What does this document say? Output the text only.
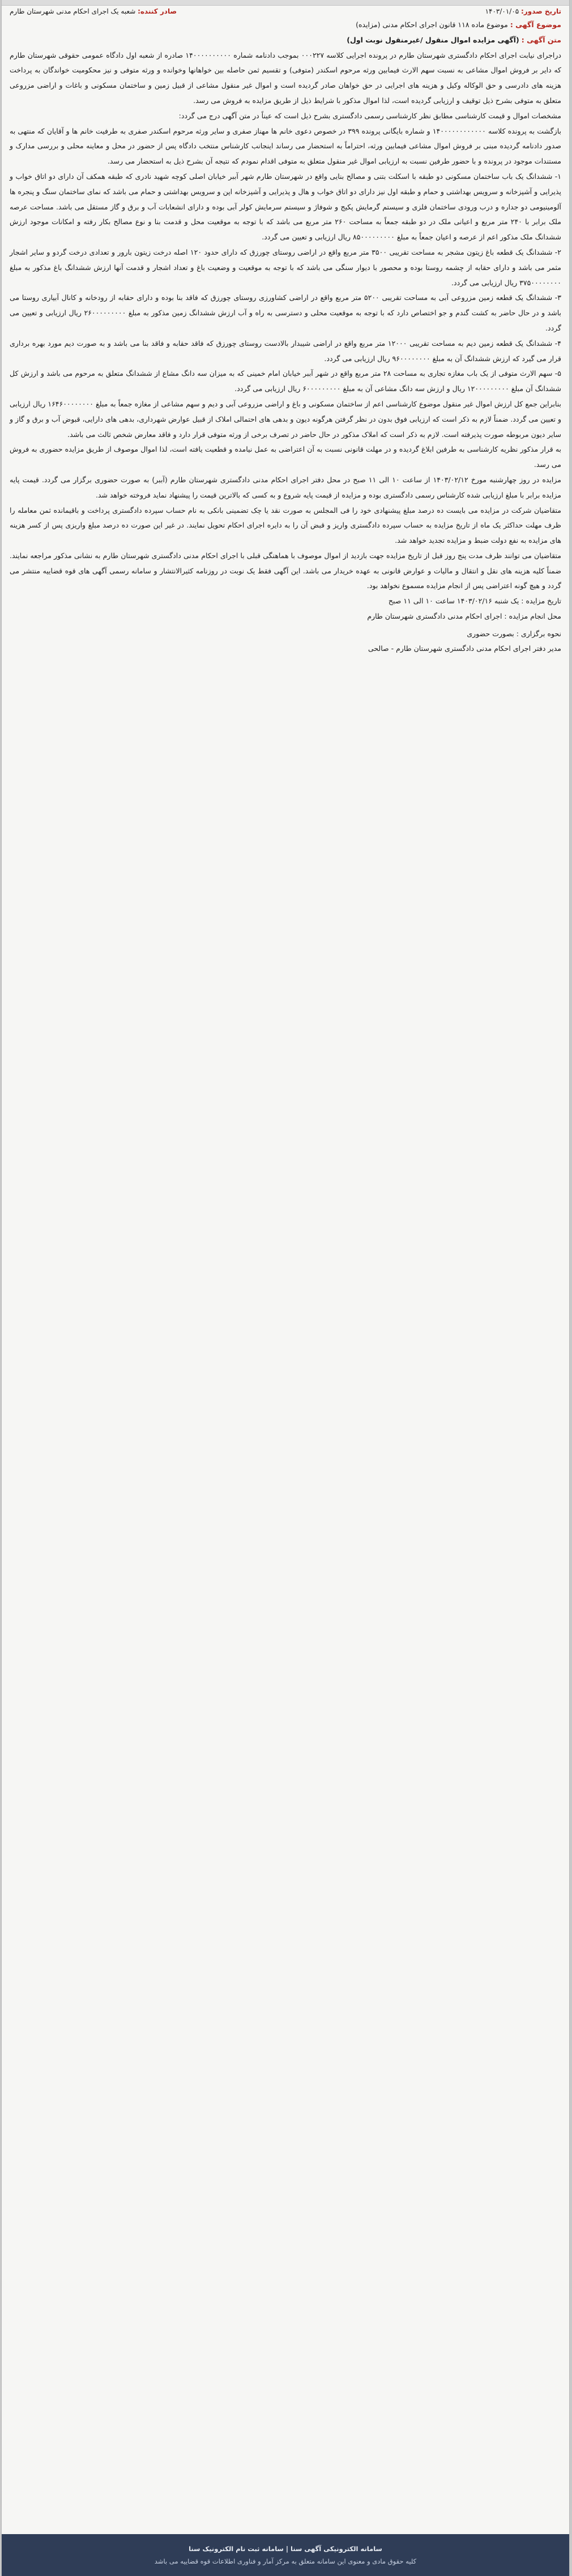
تاریخ صدور: ۱۴۰۳/۰۱/۰۵
صادر کننده: شعبه یک اجرای احکام مدنی شهرستان طارم

موضوع آگهی : موضوع ماده ۱۱۸ قانون اجرای احکام مدنی (مزایده)

متن آگهی : (آگهی مزایده اموال منقول /غیرمنقول نوبت اول)

دراجرای نیابت اجرای احکام دادگستری شهرستان طارم در پرونده اجرایی کلاسه ۰۰۰۲۲۷ بموجب دادنامه شماره ۱۴۰۰۰۰۰۰۰۰۰۰ صادره از شعبه اول دادگاه عمومی حقوقی شهرستان طارم که دایر بر فروش اموال مشاعی به نسبت سهم الارث فیمابین ورثه مرحوم اسکندر (متوفی) و تقسیم ثمن حاصله بین خواهانها وخوانده و ورثه متوفی و نیز محکومیت خواندگان به پرداخت هزینه های دادرسی و حق الوکاله وکیل و هزینه های اجرایی در حق خواهان صادر گردیده است و اموال غیر منقول مشاعی از قبیل زمین و ساختمان مسکونی و باغات و اراضی مزروعی متعلق به متوفی بشرح ذیل توقیف و ارزیابی گردیده است، لذا اموال مذکور با شرایط ذیل از طریق مزایده به فروش می رسد.

مشخصات اموال و قیمت کارشناسی مطابق نظر کارشناسی رسمی دادگستری بشرح ذیل است که عیناً در متن آگهی درج می گردد:

بازگشت به پرونده کلاسه ۱۴۰۰۰۰۰۰۰۰۰۰۰۰ و شماره بایگانی پرونده ۳۹۹ در خصوص دعوی خانم ها مهناز صفری و سایر ورثه مرحوم اسکندر صفری به طرفیت خانم ها و آقایان که منتهی به صدور دادنامه گردیده مبنی بر فروش اموال مشاعی فیمابین ورثه، احتراماً به استحضار می رساند اینجانب کارشناس منتخب دادگاه پس از حضور در محل و معاینه محلی و بررسی مدارک و مستندات موجود در پرونده و با حضور طرفین نسبت به ارزیابی اموال غیر منقول متعلق به متوفی اقدام نمودم که نتیجه آن بشرح ذیل به استحضار می رسد.

۱- ششدانگ یک باب ساختمان مسکونی دو طبقه با اسکلت بتنی و مصالح بنایی واقع در شهرستان طارم شهر آببر خیابان اصلی کوچه شهید نادری که طبقه همکف آن دارای دو اتاق خواب و پذیرایی و آشپزخانه و سرویس بهداشتی و حمام و طبقه اول نیز دارای دو اتاق خواب و هال و پذیرایی و آشپزخانه اپن و سرویس بهداشتی و حمام می باشد که نمای ساختمان سنگ و پنجره ها آلومینیومی دو جداره و درب ورودی ساختمان فلزی و سیستم گرمایش پکیج و شوفاژ و سیستم سرمایش کولر آبی بوده و دارای انشعابات آب و برق و گاز مستقل می باشد. مساحت عرصه ملک برابر با ۲۴۰ متر مربع و اعیانی ملک در دو طبقه جمعاً به مساحت ۲۶۰ متر مربع می باشد که با توجه به موقعیت محل و قدمت بنا و نوع مصالح بکار رفته و امکانات موجود ارزش ششدانگ ملک مذکور اعم از عرصه و اعیان جمعاً به مبلغ ۸۵۰۰۰۰۰۰۰۰۰ ریال ارزیابی و تعیین می گردد.

۲- ششدانگ یک قطعه باغ زیتون مشجر به مساحت تقریبی ۳۵۰۰ متر مربع واقع در اراضی روستای چورزق که دارای حدود ۱۲۰ اصله درخت زیتون بارور و تعدادی درخت گردو و سایر اشجار مثمر می باشد و دارای حقابه از چشمه روستا بوده و محصور با دیوار سنگی می باشد که با توجه به موقعیت و وضعیت باغ و تعداد اشجار و قدمت آنها ارزش ششدانگ باغ مذکور به مبلغ ۳۷۵۰۰۰۰۰۰۰۰ ریال ارزیابی می گردد.

۳- ششدانگ یک قطعه زمین مزروعی آبی به مساحت تقریبی ۵۲۰۰ متر مربع واقع در اراضی کشاورزی روستای چورزق که فاقد بنا بوده و دارای حقابه از رودخانه و کانال آبیاری روستا می باشد و در حال حاضر به کشت گندم و جو اختصاص دارد که با توجه به موقعیت محلی و دسترسی به راه و آب ارزش ششدانگ زمین مذکور به مبلغ ۲۶۰۰۰۰۰۰۰۰۰ ریال ارزیابی و تعیین می گردد.

۴- ششدانگ یک قطعه زمین دیم به مساحت تقریبی ۱۲۰۰۰ متر مربع واقع در اراضی شیبدار بالادست روستای چورزق که فاقد حقابه و فاقد بنا می باشد و به صورت دیم مورد بهره برداری قرار می گیرد که ارزش ششدانگ آن به مبلغ ۹۶۰۰۰۰۰۰۰۰ ریال ارزیابی می گردد.

۵- سهم الارث متوفی از یک باب مغازه تجاری به مساحت ۲۸ متر مربع واقع در شهر آببر خیابان امام خمینی که به میزان سه دانگ مشاع از ششدانگ متعلق به مرحوم می باشد و ارزش کل ششدانگ آن مبلغ ۱۲۰۰۰۰۰۰۰۰۰ ریال و ارزش سه دانگ مشاعی آن به مبلغ ۶۰۰۰۰۰۰۰۰۰ ریال ارزیابی می گردد.

بنابراین جمع کل ارزش اموال غیر منقول موضوع کارشناسی اعم از ساختمان مسکونی و باغ و اراضی مزروعی آبی و دیم و سهم مشاعی از مغازه جمعاً به مبلغ ۱۶۴۶۰۰۰۰۰۰۰۰ ریال ارزیابی و تعیین می گردد. ضمناً لازم به ذکر است که ارزیابی فوق بدون در نظر گرفتن هرگونه دیون و بدهی های احتمالی املاک از قبیل عوارض شهرداری، بدهی های دارایی، قبوض آب و برق و گاز و سایر دیون مربوطه صورت پذیرفته است. لازم به ذکر است که املاک مذکور در حال حاضر در تصرف برخی از ورثه متوفی قرار دارد و فاقد معارض شخص ثالث می باشد.

به قرار مذکور نظریه کارشناسی به طرفین ابلاغ گردیده و در مهلت قانونی نسبت به آن اعتراضی به عمل نیامده و قطعیت یافته است، لذا اموال موصوف از طریق مزایده حضوری به فروش می رسد.

مزایده در روز چهارشنبه مورخ ۱۴۰۳/۰۲/۱۲ از ساعت ۱۰ الی ۱۱ صبح در محل دفتر اجرای احکام مدنی دادگستری شهرستان طارم (آببر) به صورت حضوری برگزار می گردد. قیمت پایه مزایده برابر با مبلغ ارزیابی شده کارشناس رسمی دادگستری بوده و مزایده از قیمت پایه شروع و به کسی که بالاترین قیمت را پیشنهاد نماید فروخته خواهد شد.

متقاضیان شرکت در مزایده می بایست ده درصد مبلغ پیشنهادی خود را فی المجلس به صورت نقد یا چک تضمینی بانکی به نام حساب سپرده دادگستری پرداخت و باقیمانده ثمن معامله را ظرف مهلت حداکثر یک ماه از تاریخ مزایده به حساب سپرده دادگستری واریز و قبض آن را به دایره اجرای احکام تحویل نمایند. در غیر این صورت ده درصد مبلغ واریزی پس از کسر هزینه های مزایده به نفع دولت ضبط و مزایده تجدید خواهد شد.

متقاضیان می توانند ظرف مدت پنج روز قبل از تاریخ مزایده جهت بازدید از اموال موصوف با هماهنگی قبلی با اجرای احکام مدنی دادگستری شهرستان طارم به نشانی مذکور مراجعه نمایند. ضمناً کلیه هزینه های نقل و انتقال و مالیات و عوارض قانونی به عهده خریدار می باشد. این آگهی فقط یک نوبت در روزنامه کثیرالانتشار و سامانه رسمی آگهی های قوه قضاییه منتشر می گردد و هیچ گونه اعتراضی پس از انجام مزایده مسموع نخواهد بود.

تاریخ مزایده : یک شنبه ۱۴۰۳/۰۲/۱۶ ساعت ۱۰ الی ۱۱ صبح

محل انجام مزایده : اجرای احکام مدنی دادگستری شهرستان طارم

نحوه برگزاری : بصورت حضوری

مدیر دفتر اجرای احکام مدنی دادگستری شهرستان طارم - صالحی

سامانه الکترونیکی آگهی سنا | سامانه ثبت نام الکترونیک سنا
کلیه حقوق مادی و معنوی این سامانه متعلق به مرکز آمار و فناوری اطلاعات قوه قضاییه می باشد
